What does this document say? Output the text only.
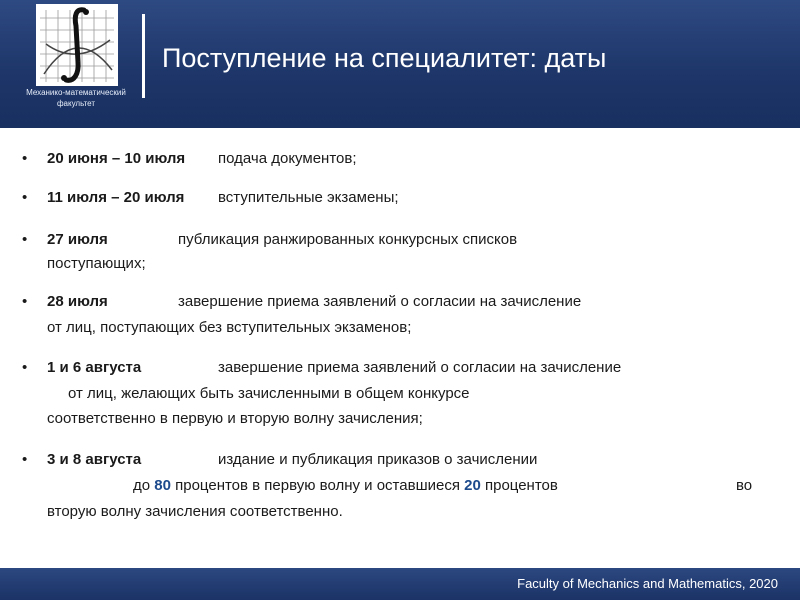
Механико-математический
факультет
Поступление на специалитет: даты
• 20 июня – 10 июля подача документов;
• 11 июля – 20 июля вступительные экзамены;
• 27 июля	публикация ранжированных конкурсных списков
поступающих;
• 28 июля	завершение приема заявлений о согласии на зачисление
от лиц, поступающих без вступительных экзаменов;
• 1 и 6 августа	завершение приема заявлений о согласии на зачисление
от лиц, желающих быть зачисленными в общем конкурсе
соответственно в первую и вторую волну зачисления;
• 3 и 8 августа	издание и публикация приказов о зачислении
до 80 процентов в первую волну и оставшиеся 20 процентов	во
вторую волну зачисления соответственно.
Faculty of Mechanics and Mathematics, 2020
